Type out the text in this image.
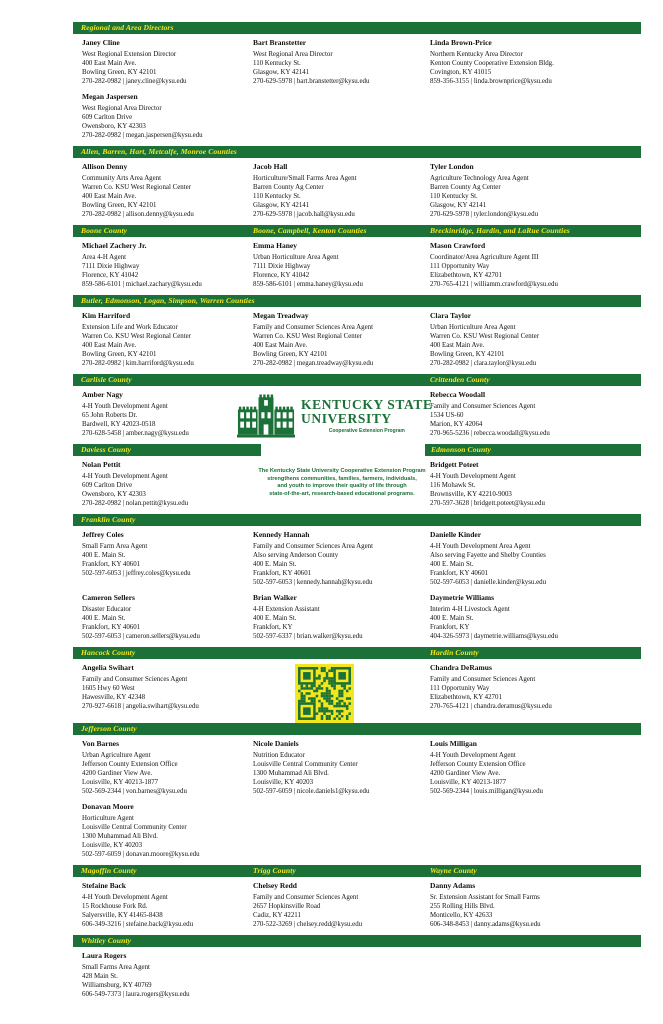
Regional and Area Directors
Janey Cline
West Regional Extension Director
400 East Main Ave.
Bowling Green, KY 42101
270-282-0982 | janey.cline@kysu.edu
Bart Branstetter
West Regional Area Director
110 Kentucky St.
Glasgow, KY 42141
270-629-5978 | bart.branstetter@kysu.edu
Linda Brown-Price
Northern Kentucky Area Director
Kenton County Cooperative Extension Bldg.
Covington, KY 41015
859-356-3155 | linda.brownprice@kysu.edu
Megan Jaspersen
West Regional Area Director
609 Carlton Drive
Owensboro, KY 42303
270-282-0982 | megan.jaspersen@kysu.edu
Allen, Barren, Hart, Metcalfe, Monroe Counties
Allison Denny
Community Arts Area Agent
Warren Co. KSU West Regional Center
400 East Main Ave.
Bowling Green, KY 42101
270-282-0982 | allison.denny@kysu.edu
Jacob Hall
Horticulture/Small Farms Area Agent
Barren County Ag Center
110 Kentucky St.
Glasgow, KY 42141
270-629-5978 | jacob.hall@kysu.edu
Tyler London
Agriculture Technology Area Agent
Barren County Ag Center
110 Kentucky St.
Glasgow, KY 42141
270-629-5978 | tyler.london@kysu.edu
Boone County	Boone, Campbell, Kenton Counties	Breckinridge, Hardin, and LaRue Counties
Michael Zachery Jr.
Area 4-H Agent
7111 Dixie Highway
Florence, KY 41042
859-586-6101 | michael.zachary@kysu.edu
Emma Haney
Urban Horticulture Area Agent
7111 Dixie Highway
Florence, KY 41042
859-586-6101 | emma.haney@kysu.edu
Mason Crawford
Coordinator/Area Agriculture Agent III
111 Opportunity Way
Elizabethtown, KY 42701
270-765-4121 | williamm.crawford@kysu.edu
Butler, Edmonson, Logan, Simpson, Warren Counties
Kim Harriford
Extension Life and Work Educator
Warren Co. KSU West Regional Center
400 East Main Ave.
Bowling Green, KY 42101
270-282-0982 | kim.harriford@kysu.edu
Megan Treadway
Family and Consumer Sciences Area Agent
Warren Co. KSU West Regional Center
400 East Main Ave.
Bowling Green, KY 42101
270-282-0982 | megan.treadway@kysu.edu
Clara Taylor
Urban Horticulture Area Agent
Warren Co. KSU West Regional Center
400 East Main Ave.
Bowling Green, KY 42101
270-282-0982 | clara.taylor@kysu.edu
Carlisle County	Crittenden County
Amber Nagy
4-H Youth Development Agent
65 John Roberts Dr.
Bardwell, KY 42023-0518
270-628-5458 | amber.nagy@kysu.edu
KENTUCKY STATE
UNIVERSITY
Cooperative Extension Program
Rebecca Woodall
Family and Consumer Sciences Agent
1534 US-60
Marion, KY 42064
270-965-5236 | rebecca.woodall@kysu.edu
Daviess County	Edmonson County
Nolan Pettit
4-H Youth Development Agent
609 Carlton Drive
Owensboro, KY 42303
270-282-0982 | nolan.pettit@kysu.edu
The Kentucky State University Cooperative Extension Program
strengthens communities, families, farmers, individuals,
and youth to improve their quality of life through
state-of-the-art, research-based educational programs.
Bridgett Poteet
4-H Youth Development Agent
116 Mohawk St.
Brownsville, KY 42210-9003
270-597-3628 | bridgett.poteet@kysu.edu
Franklin County
Jeffrey Coles
Small Farm Area Agent
400 E. Main St.
Frankfort, KY 40601
502-597-6053 | jeffrey.coles@kysu.edu
Kennedy Hannah
Family and Consumer Sciences Area Agent
Also serving Anderson County
400 E. Main St.
Frankfort, KY 40601
502-597-6053 | kennedy.hannah@kysu.edu
Danielle Kinder
4-H Youth Development Area Agent
Also serving Fayette and Shelby Counties
400 E. Main St.
Frankfort, KY 40601
502-597-6053 | danielle.kinder@kysu.edu
Cameron Sellers
Disaster Educator
400 E. Main St.
Frankfort, KY 40601
502-597-6053 | cameron.sellers@kysu.edu
Brian Walker
4-H Extension Assistant
400 E. Main St.
Frankfort, KY
502-597-6337 | brian.walker@kysu.edu
Daymetrie Williams
Interim 4-H Livestock Agent
400 E. Main St.
Frankfort, KY
404-326-5973 | daymetrie.williams@kysu.edu
Hancock County	Hardin County
Angelia Swihart
Family and Consumer Sciences Agent
1605 Hwy 60 West
Hawesville, KY 42348
270-927-6618 | angelia.swihart@kysu.edu
Chandra DeRamus
Family and Consumer Sciences Agent
111 Opportunity Way
Elizabethtown, KY 42701
270-765-4121 | chandra.deramus@kysu.edu
Jefferson County
Von Barnes
Urban Agriculture Agent
Jefferson County Extension Office
4200 Gardiner View Ave.
Louisville, KY 40213-1877
502-569-2344 | von.barnes@kysu.edu
Nicole Daniels
Nutrition Educator
Louisville Central Community Center
1300 Muhammad Ali Blvd.
Louisville, KY 40203
502-597-6059 | nicole.daniels1@kysu.edu
Louis Milligan
4-H Youth Development Agent
Jefferson County Extension Office
4200 Gardiner View Ave.
Louisville, KY 40213-1877
502-569-2344 | louis.milligan@kysu.edu
Donavan Moore
Horticulture Agent
Louisville Central Community Center
1300 Muhammad Ali Blvd.
Louisville, KY 40203
502-597-6059 | donavan.moore@kysu.edu
Magoffin County	Trigg County	Wayne County
Stefaine Back
4-H Youth Development Agent
15 Rockhouse Fork Rd.
Salyersville, KY 41465-8438
606-349-3216 | stefaine.back@kysu.edu
Chelsey Redd
Family and Consumer Sciences Agent
2657 Hopkinsville Road
Cadiz, KY 42211
270-522-3269 | chelsey.redd@kysu.edu
Danny Adams
Sr. Extension Assistant for Small Farms
255 Rolling Hills Blvd.
Monticello, KY 42633
606-348-8453 | danny.adams@kysu.edu
Whitley County
Laura Rogers
Small Farms Area Agent
428 Main St.
Williamsburg, KY 40769
606-549-7373 | laura.rogers@kysu.edu
